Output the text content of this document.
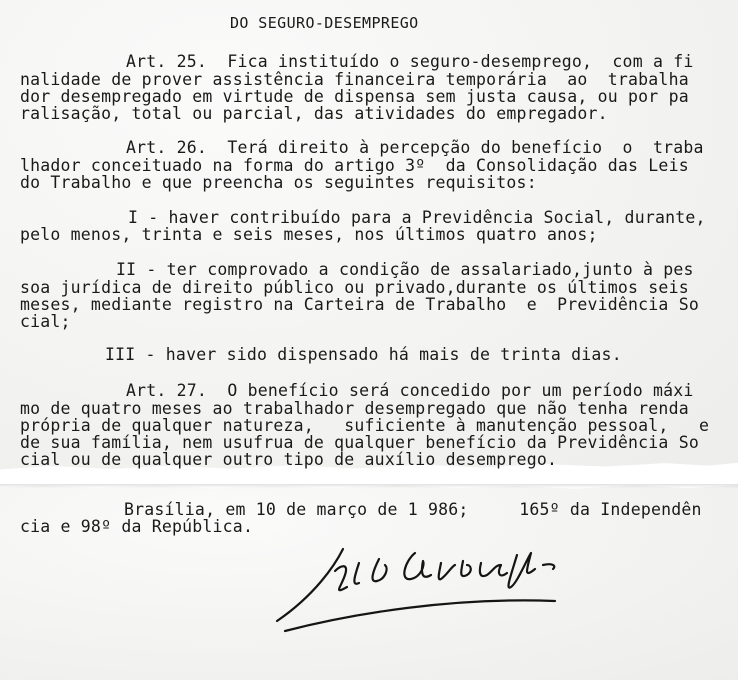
DO SEGURO-DESEMPREGO
Art. 25.  Fica instituído o seguro-desemprego,  com a fi
nalidade de prover assistência financeira temporária  ao  trabalha
dor desempregado em virtude de dispensa sem justa causa, ou por pa
ralisação, total ou parcial, das atividades do empregador.
Art. 26.  Terá direito à percepção do benefício  o  traba
lhador conceituado na forma do artigo 3º  da Consolidação das Leis
do Trabalho e que preencha os seguintes requisitos:
I - haver contribuído para a Previdência Social, durante,
pelo menos, trinta e seis meses, nos últimos quatro anos;
II - ter comprovado a condição de assalariado,junto à pes
soa jurídica de direito público ou privado,durante os últimos seis
meses, mediante registro na Carteira de Trabalho  e  Previdência So
cial;
III - haver sido dispensado há mais de trinta dias.
Art. 27.  O benefício será concedido por um período máxi
mo de quatro meses ao trabalhador desempregado que não tenha renda
própria de qualquer natureza,   suficiente à manutenção pessoal,   e
de sua família, nem usufrua de qualquer benefício da Previdência So
cial ou de qualquer outro tipo de auxílio desemprego.
Brasília, em 10 de março de 1 986;     165º da Independên
cia e 98º da República.
